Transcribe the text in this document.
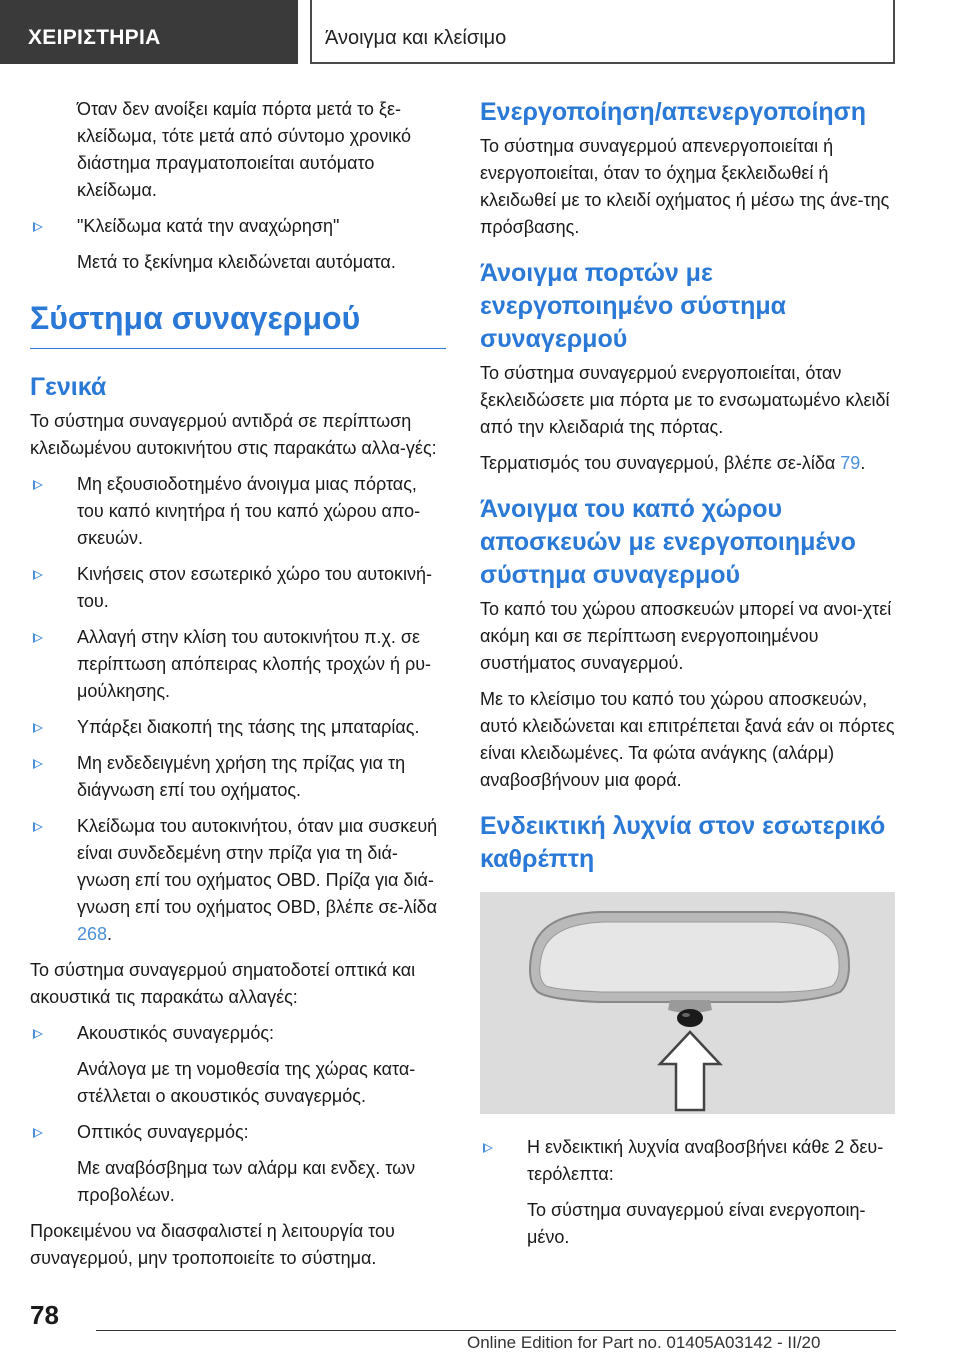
ΧΕΙΡΙΣΤΗΡΙΑ	Άνοιγμα και κλείσιμο

Όταν δεν ανοίξει καμία πόρτα μετά το ξε-κλείδωμα, τότε μετά από σύντομο χρονικό διάστημα πραγματοποιείται αυτόματο κλείδωμα.

"Κλείδωμα κατά την αναχώρηση"

Μετά το ξεκίνημα κλειδώνεται αυτόματα.

Σύστημα συναγερμού
Γενικά

Το σύστημα συναγερμού αντιδρά σε περίπτωση κλειδωμένου αυτοκινήτου στις παρακάτω αλλα-γές:

Μη εξουσιοδοτημένο άνοιγμα μιας πόρτας, του καπό κινητήρα ή του καπό χώρου απο-σκευών.
Κινήσεις στον εσωτερικό χώρο του αυτοκινή-του.
Αλλαγή στην κλίση του αυτοκινήτου π.χ. σε περίπτωση απόπειρας κλοπής τροχών ή ρυ-μούλκησης.
Υπάρξει διακοπή της τάσης της μπαταρίας.
Μη ενδεδειγμένη χρήση της πρίζας για τη διάγνωση επί του οχήματος.
Κλείδωμα του αυτοκινήτου, όταν μια συσκευή είναι συνδεδεμένη στην πρίζα για τη διά-γνωση επί του οχήματος OBD. Πρίζα για διά-γνωση επί του οχήματος OBD, βλέπε σε-λίδα 268.

Το σύστημα συναγερμού σηματοδοτεί οπτικά και ακουστικά τις παρακάτω αλλαγές:

Ακουστικός συναγερμός:

Ανάλογα με τη νομοθεσία της χώρας κατα-στέλλεται ο ακουστικός συναγερμός.

Οπτικός συναγερμός:

Με αναβόσβημα των αλάρμ και ενδεχ. των προβολέων.

Προκειμένου να διασφαλιστεί η λειτουργία του συναγερμού, μην τροποποιείτε το σύστημα.

Ενεργοποίηση/απενεργοποίηση

Το σύστημα συναγερμού απενεργοποιείται ή ενεργοποιείται, όταν το όχημα ξεκλειδωθεί ή κλειδωθεί με το κλειδί οχήματος ή μέσω της άνε-της πρόσβασης.

Άνοιγμα πορτών με ενεργοποιημένο σύστημα συναγερμού

Το σύστημα συναγερμού ενεργοποιείται, όταν ξεκλειδώσετε μια πόρτα με το ενσωματωμένο κλειδί από την κλειδαριά της πόρτας.

Τερματισμός του συναγερμού, βλέπε σε-λίδα 79.

Άνοιγμα του καπό χώρου αποσκευών με ενεργοποιημένο σύστημα συναγερμού

Το καπό του χώρου αποσκευών μπορεί να ανοι-χτεί ακόμη και σε περίπτωση ενεργοποιημένου συστήματος συναγερμού.

Με το κλείσιμο του καπό του χώρου αποσκευών, αυτό κλειδώνεται και επιτρέπεται ξανά εάν οι πόρτες είναι κλειδωμένες. Τα φώτα ανάγκης (αλάρμ) αναβοσβήνουν μια φορά.

Ενδεικτική λυχνία στον εσωτερικό καθρέπτη
Η ενδεικτική λυχνία αναβοσβήνει κάθε 2 δευ-τερόλεπτα:

Το σύστημα συναγερμού είναι ενεργοποιη-μένο.

78
Online Edition for Part no. 01405A03142 - II/20
